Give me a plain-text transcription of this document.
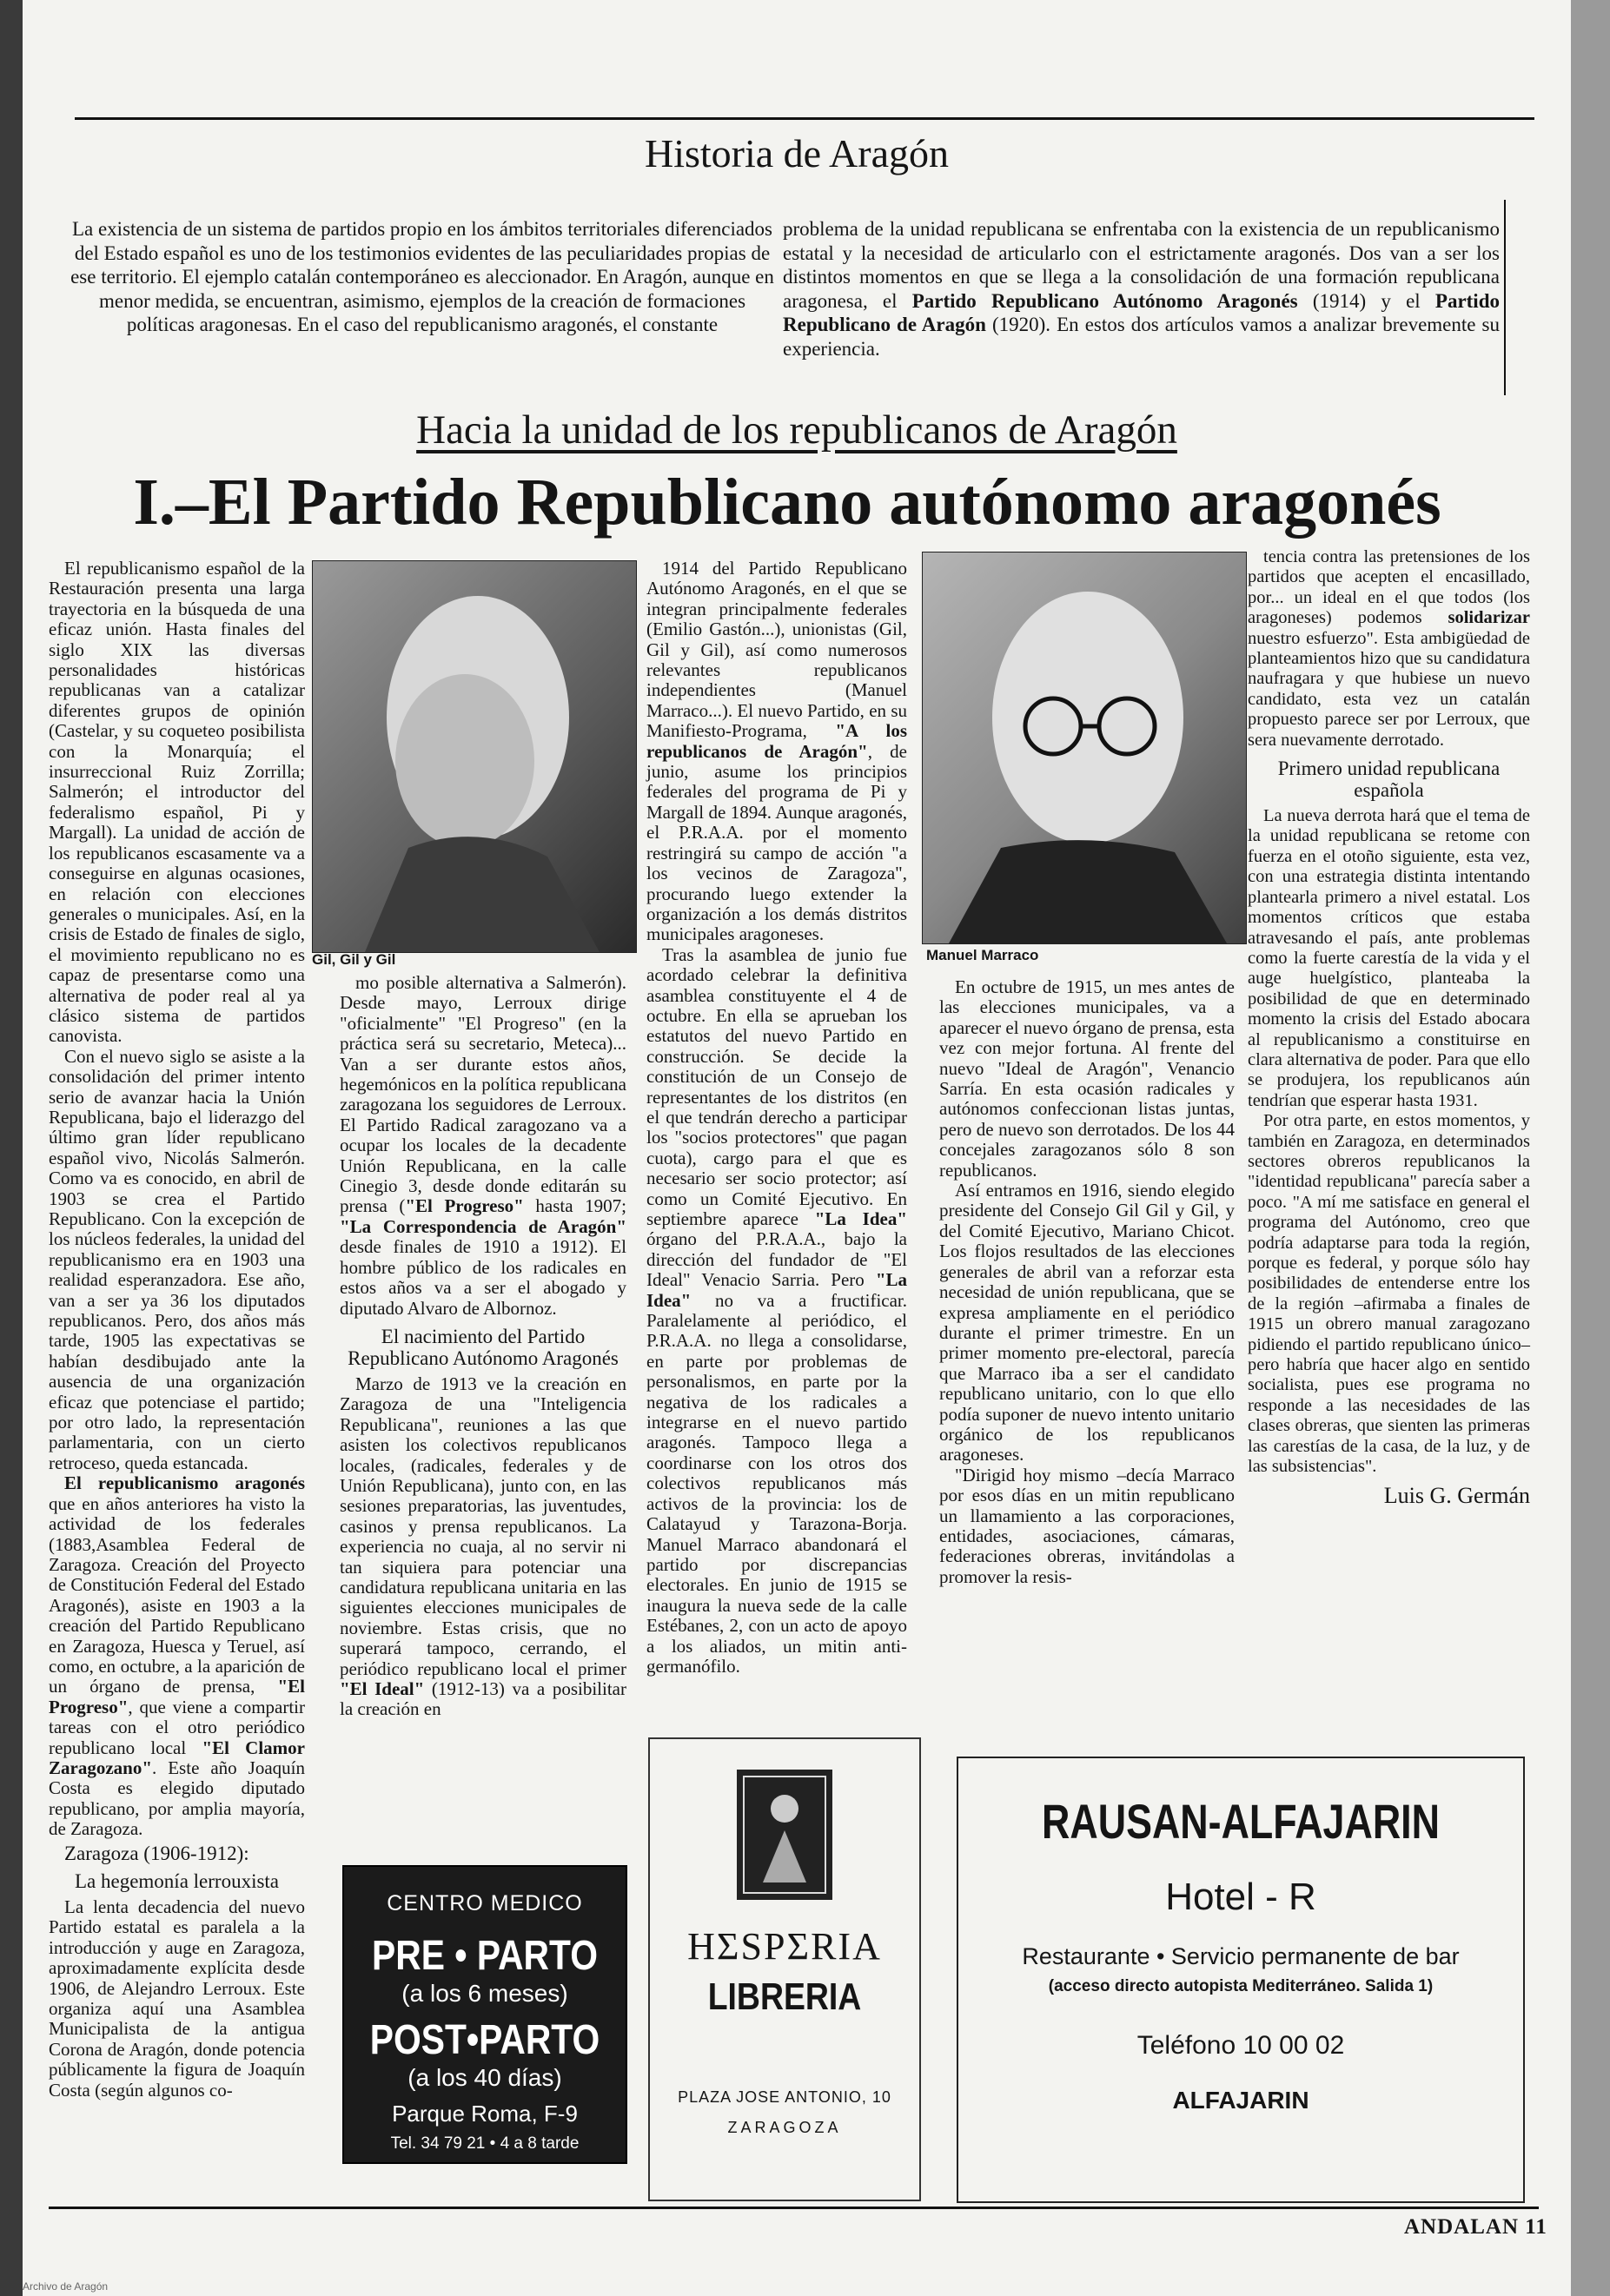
Historia de Aragón

La existencia de un sistema de partidos propio en los ámbitos territoriales diferenciados del Estado español es uno de los testimonios evidentes de las peculiaridades propias de ese territorio. El ejemplo catalán contemporáneo es aleccionador. En Aragón, aunque en menor medida, se encuentran, asimismo, ejemplos de la creación de formaciones políticas aragonesas. En el caso del republicanismo aragonés, el constante

problema de la unidad republicana se enfrentaba con la existencia de un republicanismo estatal y la necesidad de articularlo con el estrictamente aragonés. Dos van a ser los distintos momentos en que se llega a la consolidación de una formación republicana aragonesa, el Partido Republicano Autónomo Aragonés (1914) y el Partido Republicano de Aragón (1920). En estos dos artículos vamos a analizar brevemente su experiencia.

Hacia la unidad de los republicanos de Aragón
I.–El Partido Republicano autónomo aragonés
Gil, Gil y Gil	Manuel Marraco

El republicanismo español de la Restauración presenta una larga trayectoria en la búsqueda de una eficaz unión. Hasta finales del siglo XIX las diversas personalidades históricas republicanas van a catalizar diferentes grupos de opinión (Castelar, y su coqueteo posibilista con la Monarquía; el insurreccional Ruiz Zorrilla; Salmerón; el introductor del federalismo español, Pi y Margall). La unidad de acción de los republicanos escasamente va a conseguirse en algunas ocasiones, en relación con elecciones generales o municipales. Así, en la crisis de Estado de finales de siglo, el movimiento republicano no es capaz de presentarse como una alternativa de poder real al ya clásico sistema de partidos canovista.

Con el nuevo siglo se asiste a la consolidación del primer intento serio de avanzar hacia la Unión Republicana, bajo el liderazgo del último gran líder republicano español vivo, Nicolás Salmerón. Como va es conocido, en abril de 1903 se crea el Partido Republicano. Con la excepción de los núcleos federales, la unidad del republicanismo era en 1903 una realidad esperanzadora. Ese año, van a ser ya 36 los diputados republicanos. Pero, dos años más tarde, 1905 las expectativas se habían desdibujado ante la ausencia de una organización eficaz que potenciase el partido; por otro lado, la representación parlamentaria, con un cierto retroceso, queda estancada.

El republicanismo aragonés que en años anteriores ha visto la actividad de los federales (1883,Asamblea Federal de Zaragoza. Creación del Proyecto de Constitución Federal del Estado Aragonés), asiste en 1903 a la creación del Partido Republicano en Zaragoza, Huesca y Teruel, así como, en octubre, a la aparición de un órgano de prensa, "El Progreso", que viene a compartir tareas con el otro periódico republicano local "El Clamor Zaragozano". Este año Joaquín Costa es elegido diputado republicano, por amplia mayoría, de Zaragoza.

Zaragoza (1906-1912):

La hegemonía lerrouxista

La lenta decadencia del nuevo Partido estatal es paralela a la introducción y auge en Zaragoza, aproximadamente explícita desde 1906, de Alejandro Lerroux. Este organiza aquí una Asamblea Municipalista de la antigua Corona de Aragón, donde potencia públicamente la figura de Joaquín Costa (según algunos co-

mo posible alternativa a Salmerón). Desde mayo, Lerroux dirige "oficialmente" "El Progreso" (en la práctica será su secretario, Meteca)... Van a ser durante estos años, hegemónicos en la política republicana zaragozana los seguidores de Lerroux. El Partido Radical zaragozano va a ocupar los locales de la decadente Unión Republicana, en la calle Cinegio 3, desde donde editarán su prensa ("El Progreso" hasta 1907; "La Correspondencia de Aragón" desde finales de 1910 a 1912). El hombre público de los radicales en estos años va a ser el abogado y diputado Alvaro de Albornoz.

El nacimiento del Partido Republicano Autónomo Aragonés

Marzo de 1913 ve la creación en Zaragoza de una "Inteligencia Republicana", reuniones a las que asisten los colectivos republicanos locales, (radicales, federales y de Unión Republicana), junto con, en las sesiones preparatorias, las juventudes, casinos y prensa republicanos. La experiencia no cuaja, al no servir ni tan siquiera para potenciar una candidatura republicana unitaria en las siguientes elecciones municipales de noviembre. Estas crisis, que no superará tampoco, cerrando, el periódico republicano local el primer "El Ideal" (1912-13) va a posibilitar la creación en

1914 del Partido Republicano Autónomo Aragonés, en el que se integran principalmente federales (Emilio Gastón...), unionistas (Gil, Gil y Gil), así como numerosos relevantes republicanos independientes (Manuel Marraco...). El nuevo Partido, en su Manifiesto-Programa, "A los republicanos de Aragón", de junio, asume los principios federales del programa de Pi y Margall de 1894. Aunque aragonés, el P.R.A.A. por el momento restringirá su campo de acción "a los vecinos de Zaragoza", procurando luego extender la organización a los demás distritos municipales aragoneses.

Tras la asamblea de junio fue acordado celebrar la definitiva asamblea constituyente el 4 de octubre. En ella se aprueban los estatutos del nuevo Partido en construcción. Se decide la constitución de un Consejo de representantes de los distritos (en el que tendrán derecho a participar los "socios protectores" que pagan cuota), cargo para el que es necesario ser socio protector; así como un Comité Ejecutivo. En septiembre aparece "La Idea" órgano del P.R.A.A., bajo la dirección del fundador de "El Ideal" Venacio Sarria. Pero "La Idea" no va a fructificar. Paralelamente al periódico, el P.R.A.A. no llega a consolidarse, en parte por problemas de personalismos, en parte por la negativa de los radicales a integrarse en el nuevo partido aragonés. Tampoco llega a coordinarse con los otros dos colectivos republicanos más activos de la provincia: los de Calatayud y Tarazona-Borja. Manuel Marraco abandonará el partido por discrepancias electorales. En junio de 1915 se inaugura la nueva sede de la calle Estébanes, 2, con un acto de apoyo a los aliados, un mitin anti-germanófilo.

En octubre de 1915, un mes antes de las elecciones municipales, va a aparecer el nuevo órgano de prensa, esta vez con mejor fortuna. Al frente del nuevo "Ideal de Aragón", Venancio Sarría. En esta ocasión radicales y autónomos confeccionan listas juntas, pero de nuevo son derrotados. De los 44 concejales zaragozanos sólo 8 son republicanos.

Así entramos en 1916, siendo elegido presidente del Consejo Gil Gil y Gil, y del Comité Ejecutivo, Mariano Chicot. Los flojos resultados de las elecciones generales de abril van a reforzar esta necesidad de unión republicana, que se expresa ampliamente en el periódico durante el primer trimestre. En un primer momento pre-electoral, parecía que Marraco iba a ser el candidato republicano unitario, con lo que ello podía suponer de nuevo intento unitario orgánico de los republicanos aragoneses.

"Dirigid hoy mismo –decía Marraco por esos días en un mitin republicano un llamamiento a las corporaciones, entidades, asociaciones, cámaras, federaciones obreras, invitándolas a promover la resis-

tencia contra las pretensiones de los partidos que acepten el encasillado, por... un ideal en el que todos (los aragoneses) podemos solidarizar nuestro esfuerzo". Esta ambigüedad de planteamientos hizo que su candidatura naufragara y que hubiese un nuevo candidato, esta vez un catalán propuesto parece ser por Lerroux, que sera nuevamente derrotado.

Primero unidad republicana española

La nueva derrota hará que el tema de la unidad republicana se retome con fuerza en el otoño siguiente, esta vez, con una estrategia distinta intentando plantearla primero a nivel estatal. Los momentos críticos que estaba atravesando el país, ante problemas como la fuerte carestía de la vida y el auge huelgístico, planteaba la posibilidad de que en determinado momento la crisis del Estado abocara al republicanismo a constituirse en clara alternativa de poder. Para que ello se produjera, los republicanos aún tendrían que esperar hasta 1931.

Por otra parte, en estos momentos, y también en Zaragoza, en determinados sectores obreros republicanos la "identidad republicana" parecía saber a poco. "A mí me satisface en general el programa del Autónomo, creo que podría adaptarse para toda la región, porque es federal, y porque sólo hay posibilidades de entenderse entre los de la región –afirmaba a finales de 1915 un obrero manual zaragozano pidiendo el partido republicano único– pero habría que hacer algo en sentido socialista, pues ese programa no responde a las necesidades de las clases obreras, que sienten las primeras las carestías de la casa, de la luz, y de las subsistencias".

Luis G. Germán

CENTRO MEDICO
PRE • PARTO
(a los 6 meses)
POST•PARTO
(a los 40 días)
Parque Roma, F-9
Tel. 34 79 21 • 4 a 8 tarde
HΣSPΣRIA
LIBRERIA
PLAZA JOSE ANTONIO, 10
ZARAGOZA
RAUSAN-ALFAJARIN
Hotel - R
Restaurante • Servicio permanente de bar
(acceso directo autopista Mediterráneo. Salida 1)
Teléfono 10 00 02
ALFAJARIN
ANDALAN 11
Archivo de Aragón
